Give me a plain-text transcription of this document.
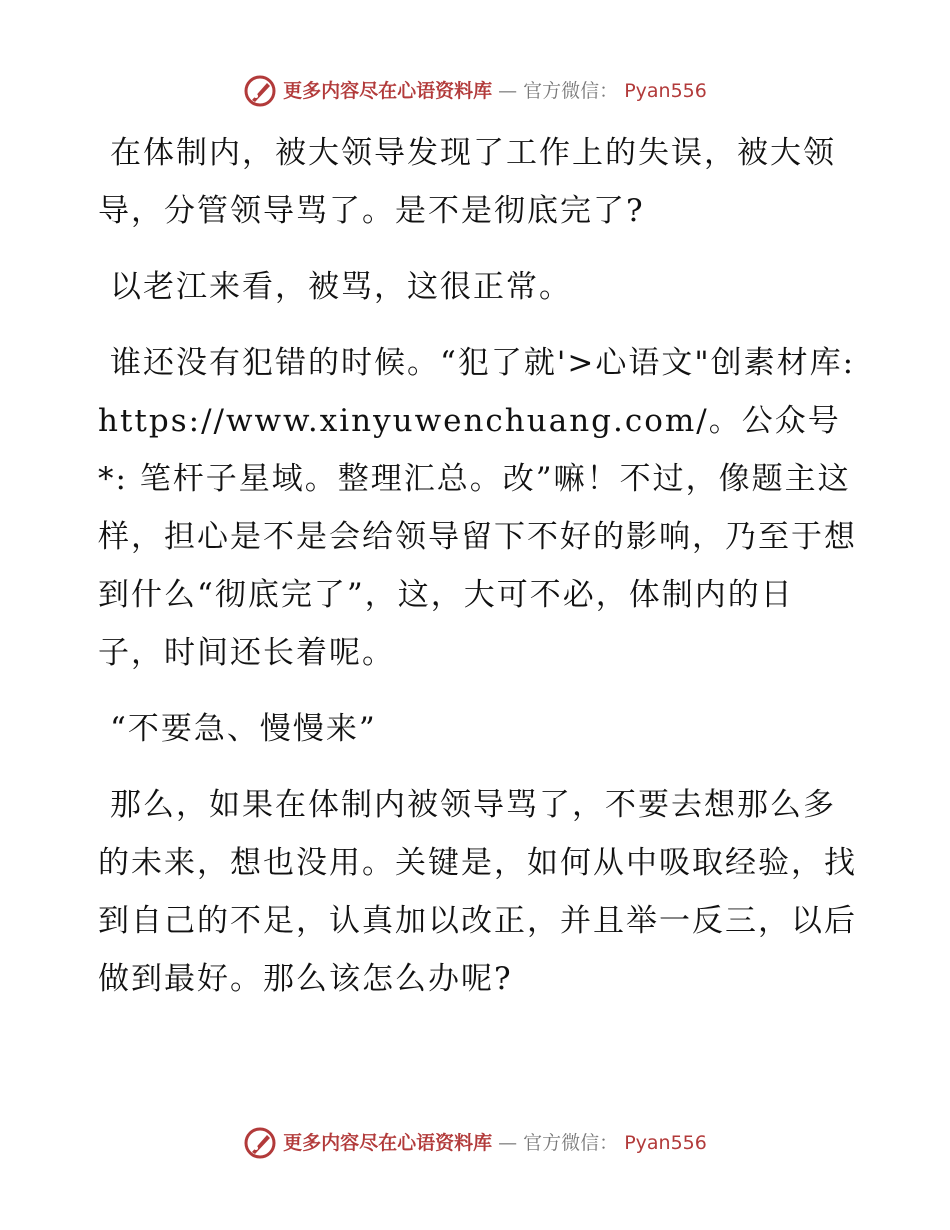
更多内容尽在心语资料库 — 官方微信： Pyan556

在体制内，被大领导发现了工作上的失误，被大领导，分管领导骂了。是不是彻底完了?

以老江来看，被骂，这很正常。

谁还没有犯错的时候。“犯了就'>心语文"创素材库: https://www.xinyuwenchuang.com/。公众号*: 笔杆子星域。整理汇总。改”嘛！不过，像题主这样，担心是不是会给领导留下不好的影响，乃至于想到什么“彻底完了”，这，大可不必，体制内的日子，时间还长着呢。

“不要急、慢慢来”

那么，如果在体制内被领导骂了，不要去想那么多的未来，想也没用。关键是，如何从中吸取经验，找到自己的不足，认真加以改正，并且举一反三，以后做到最好。那么该怎么办呢?

更多内容尽在心语资料库 — 官方微信： Pyan556
